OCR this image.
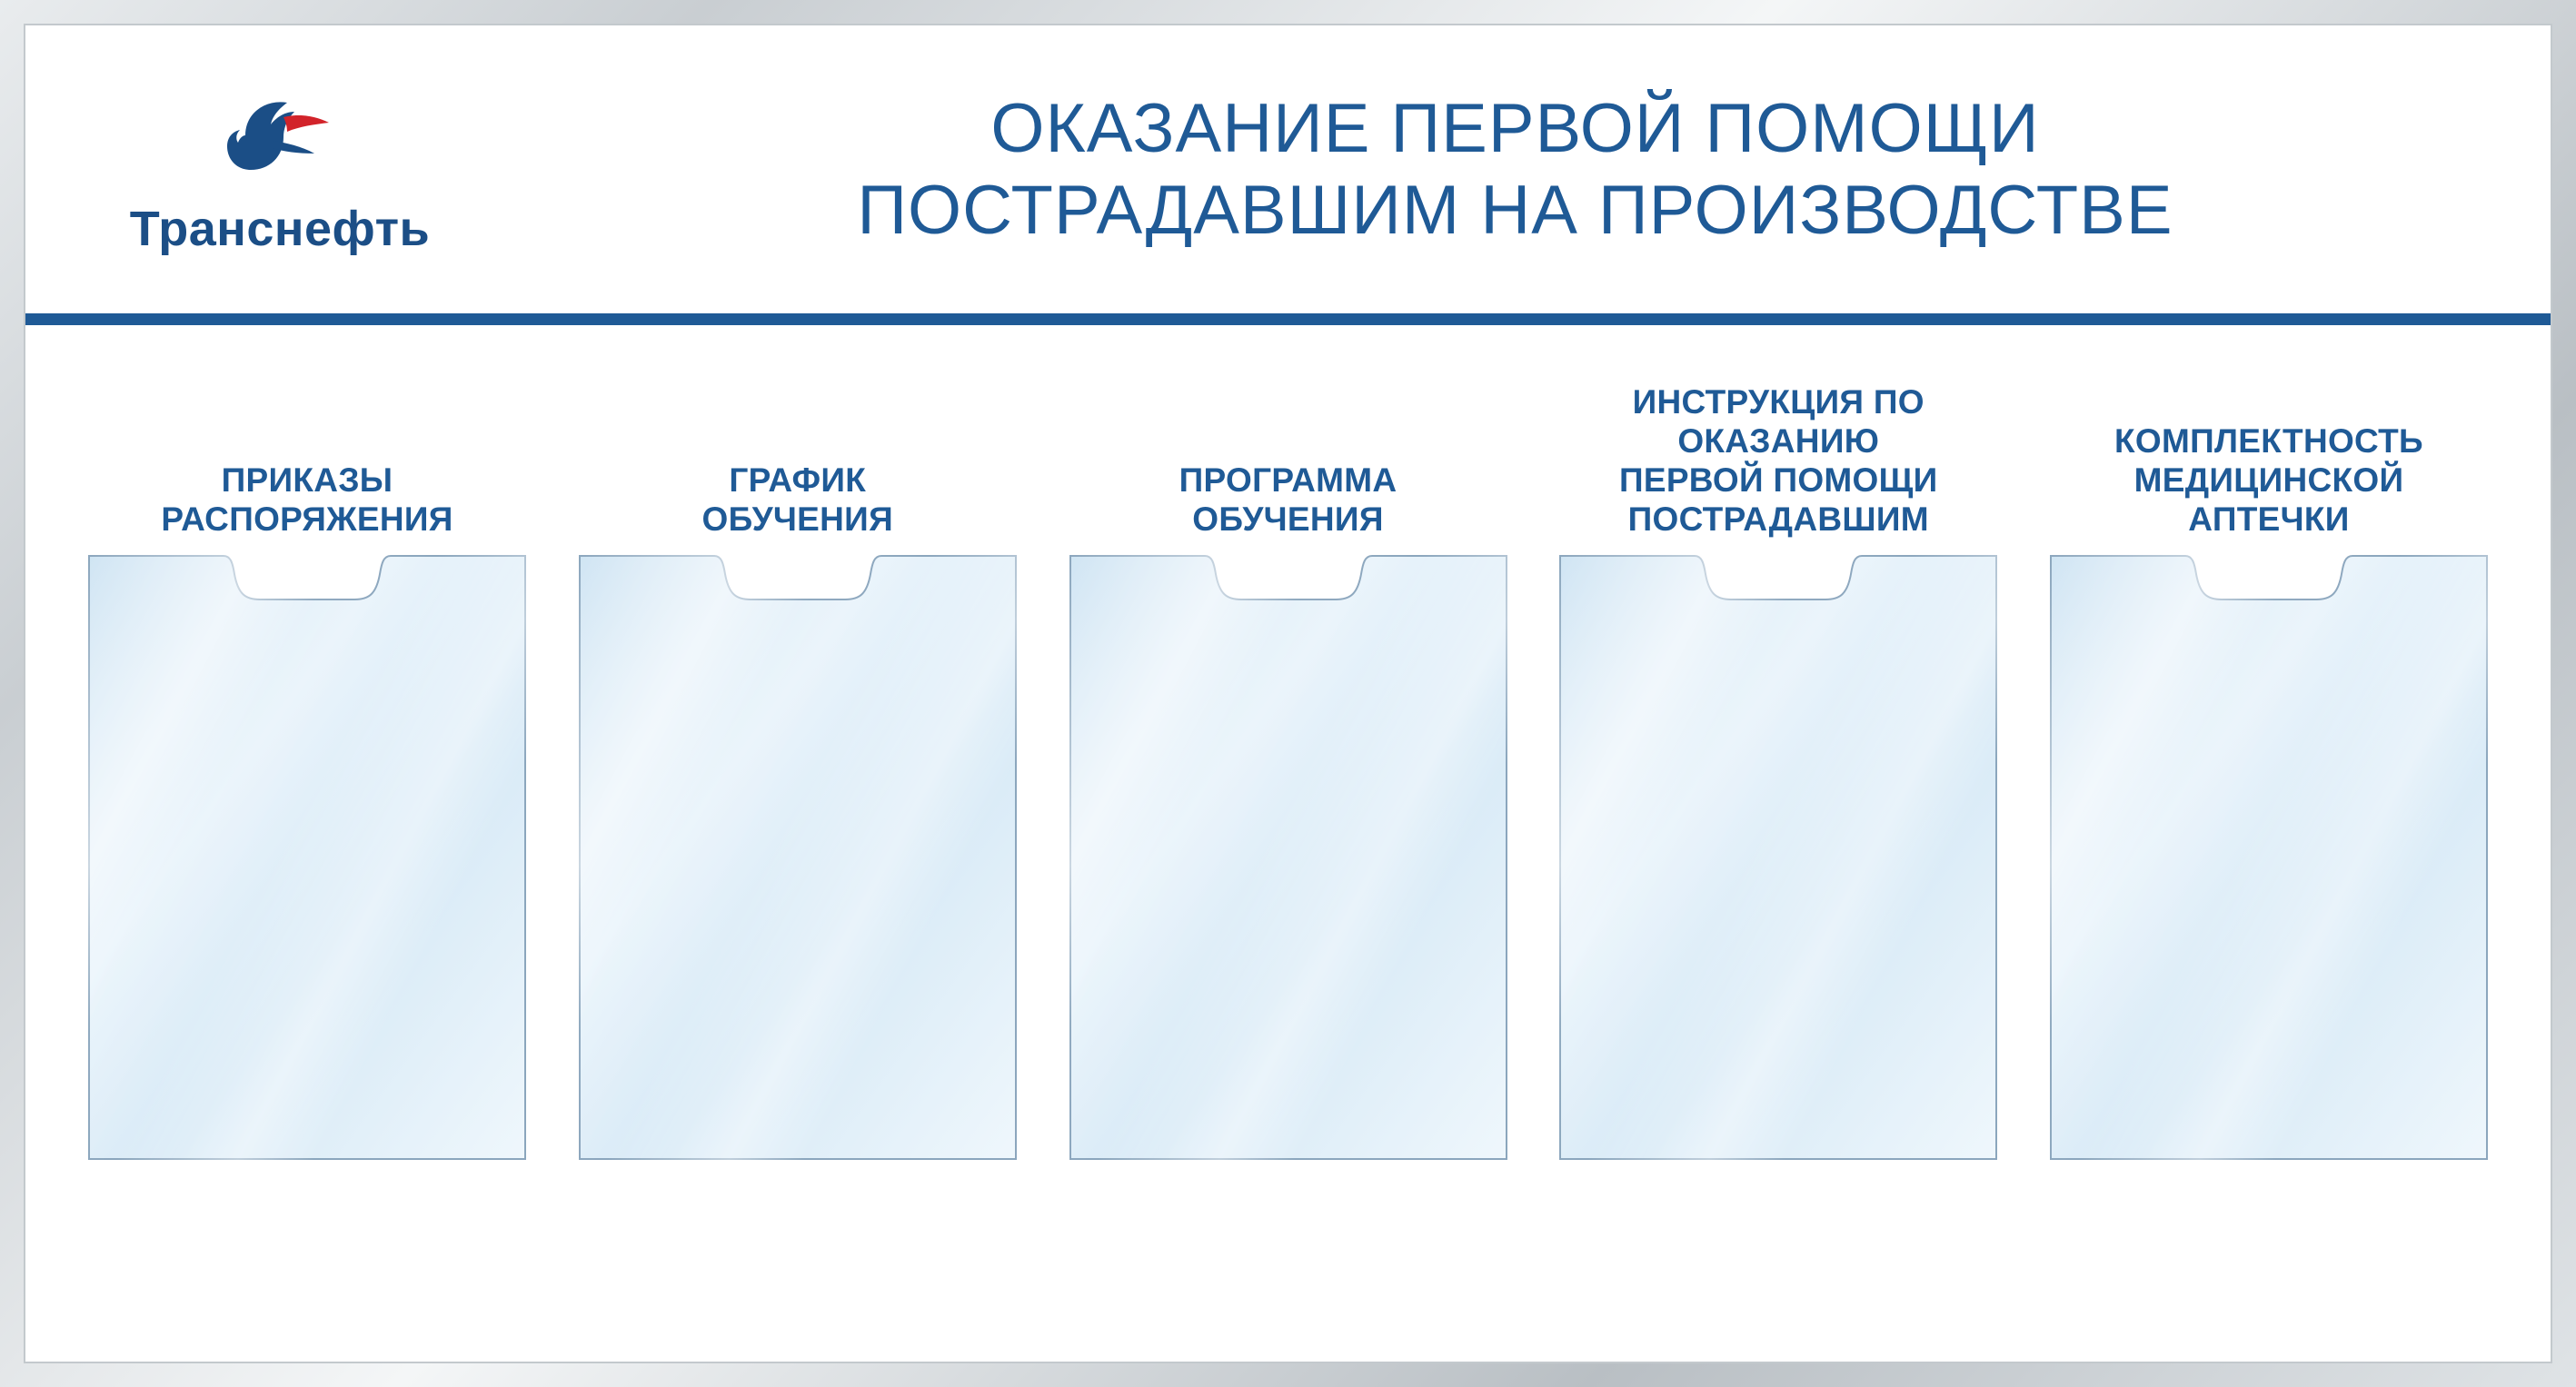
Транснефть
ОКАЗАНИЕ ПЕРВОЙ ПОМОЩИ
ПОСТРАДАВШИМ НА ПРОИЗВОДСТВЕ
ПРИКАЗЫ
РАСПОРЯЖЕНИЯ
ГРАФИК
ОБУЧЕНИЯ
ПРОГРАММА
ОБУЧЕНИЯ
ИНСТРУКЦИЯ ПО
ОКАЗАНИЮ
ПЕРВОЙ ПОМОЩИ
ПОСТРАДАВШИМ
КОМПЛЕКТНОСТЬ
МЕДИЦИНСКОЙ
АПТЕЧКИ
